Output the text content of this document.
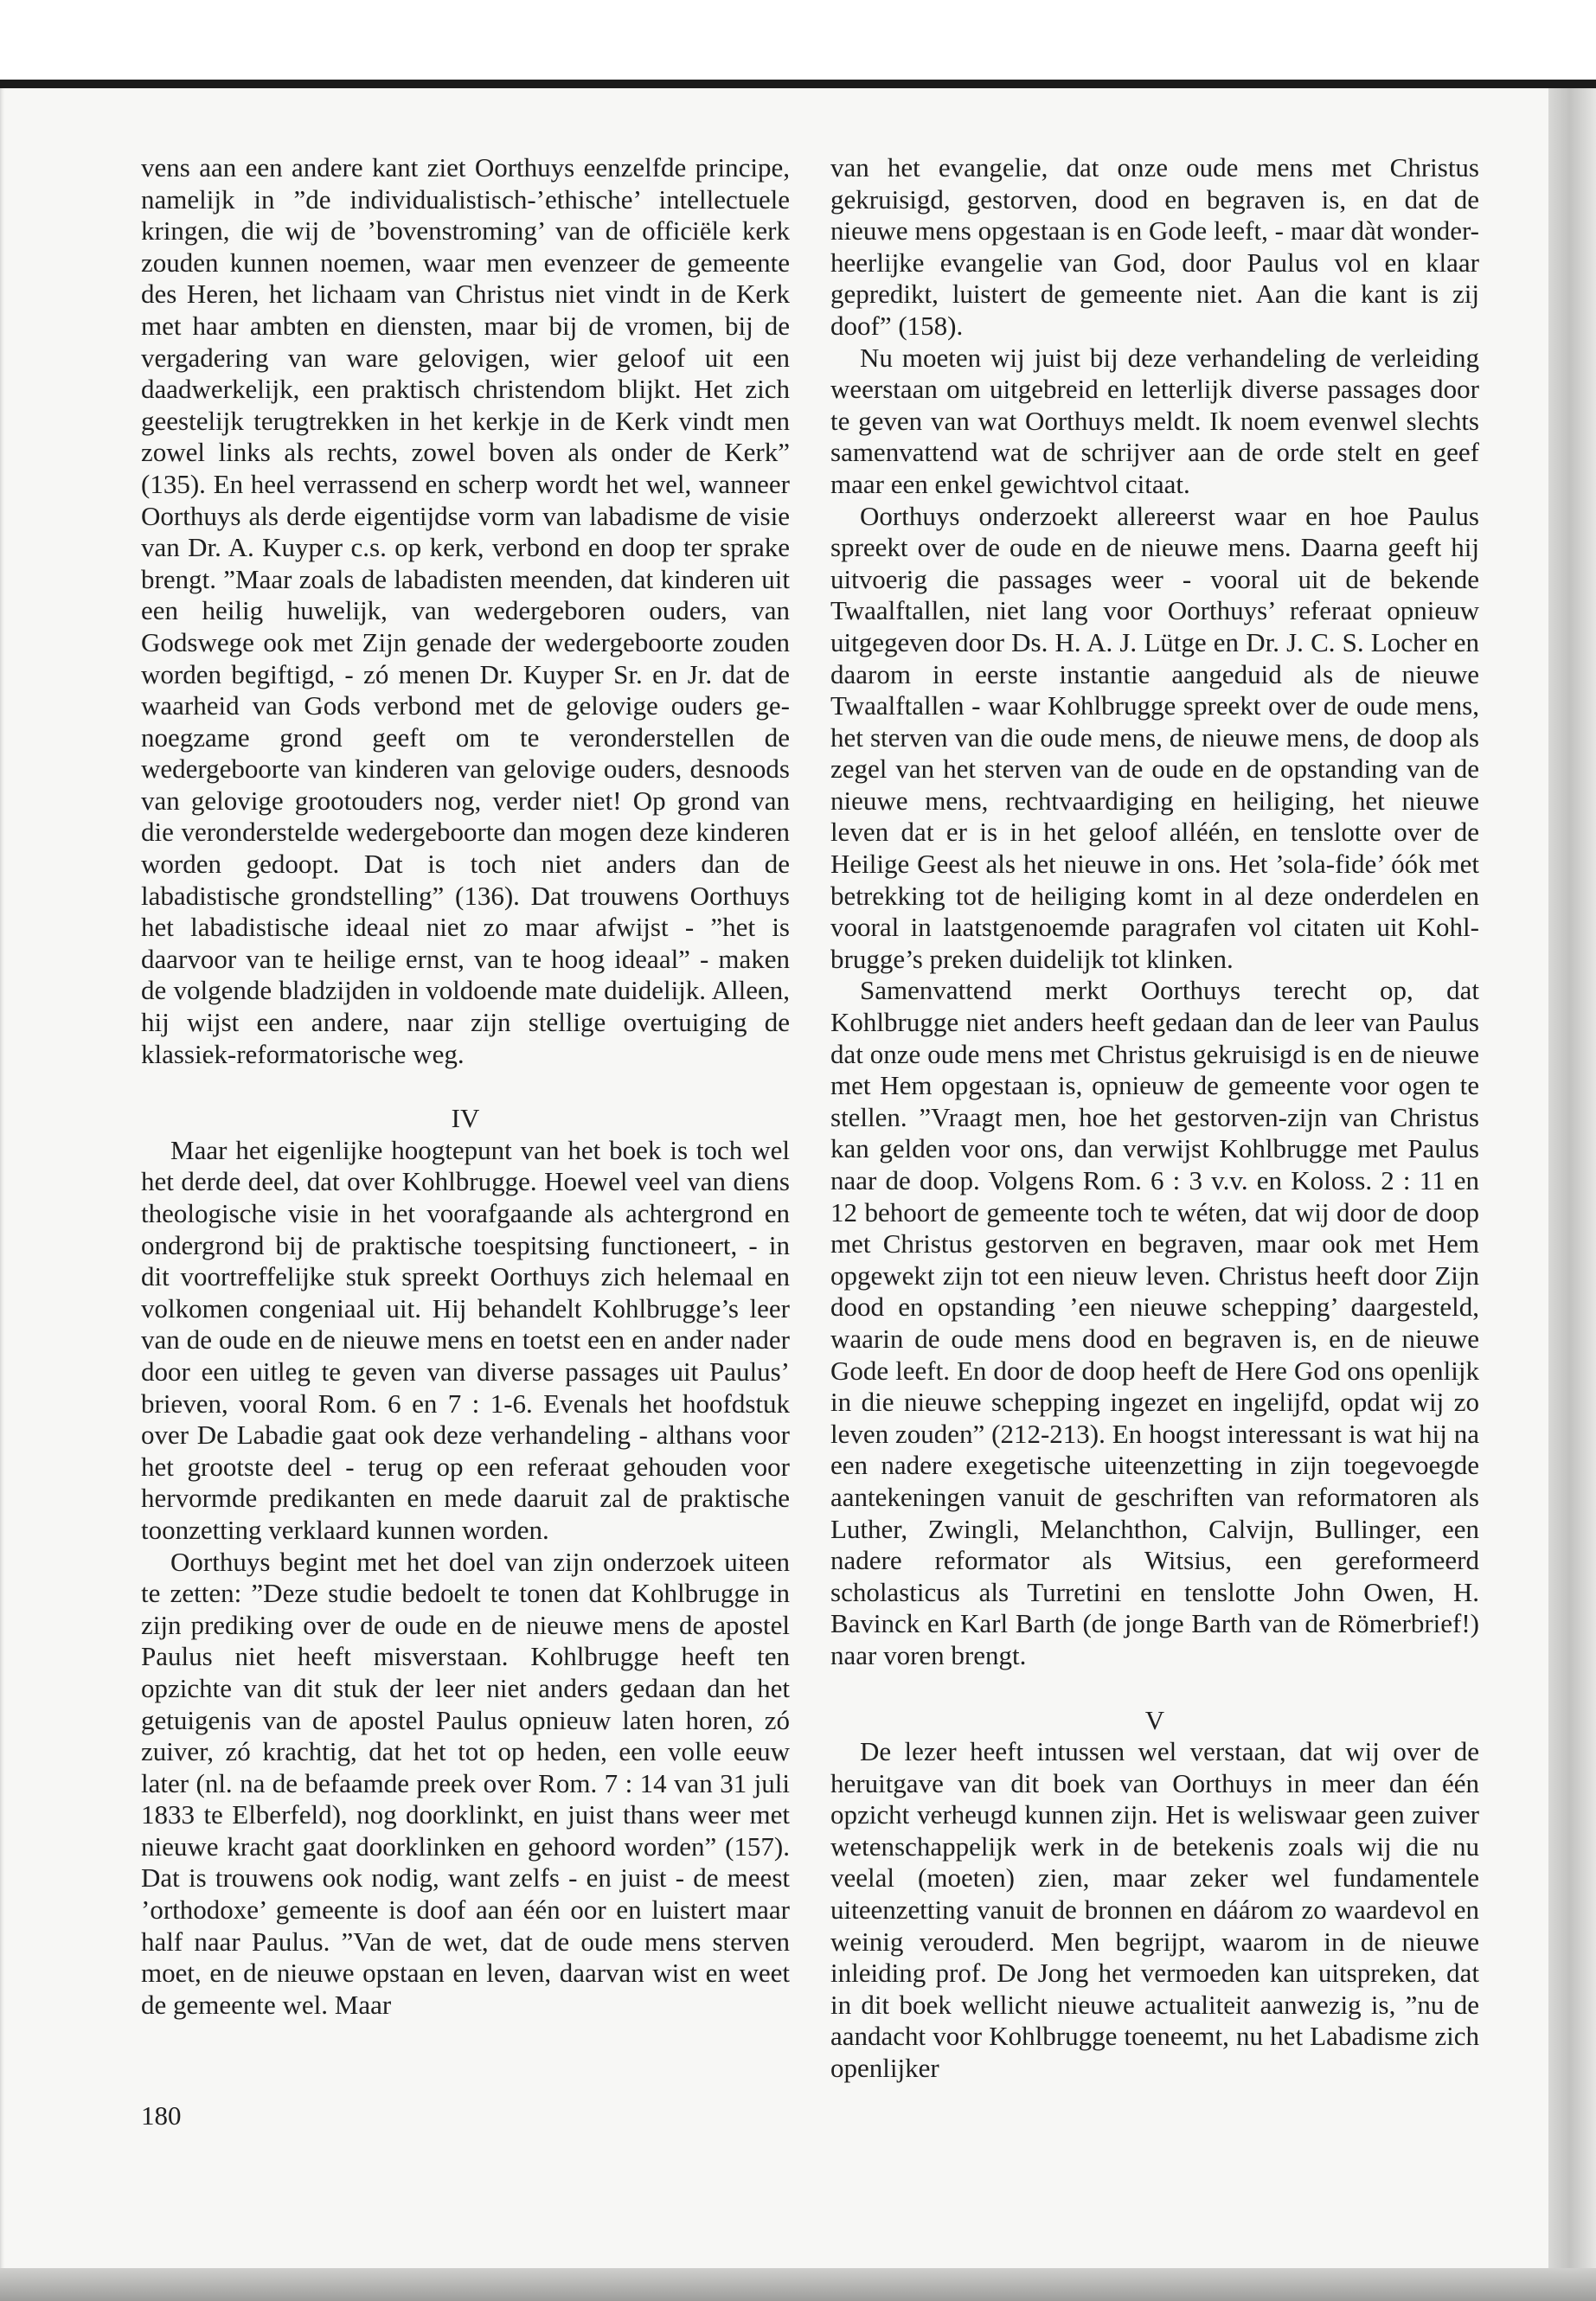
vens aan een andere kant ziet Oorthuys eenzelfde principe, namelijk in ”de individualistisch-’ethische’ intellectuele kringen, die wij de ’bovenstroming’ van de officiële kerk zouden kunnen noemen, waar men evenzeer de gemeente des Heren, het lichaam van Christus niet vindt in de Kerk met haar ambten en diensten, maar bij de vromen, bij de vergadering van ware gelovigen, wier geloof uit een daadwerkelijk, een praktisch christendom blijkt. Het zich geestelijk terugtrekken in het kerkje in de Kerk vindt men zowel links als rechts, zowel boven als onder de Kerk” (135). En heel verrassend en scherp wordt het wel, wanneer Oorthuys als derde eigentijdse vorm van labadisme de visie van Dr. A. Kuyper c.s. op kerk, verbond en doop ter sprake brengt. ”Maar zoals de labadisten meenden, dat kinderen uit een heilig huwelijk, van wedergeboren ouders, van Godswege ook met Zijn genade der wedergeboorte zouden worden begiftigd, - zó menen Dr. Kuyper Sr. en Jr. dat de waarheid van Gods verbond met de gelovige ouders genoegzame grond geeft om te veronderstellen de wedergeboorte van kinderen van gelovige ouders, desnoods van gelovige grootouders nog, verder niet! Op grond van die veronderstelde wedergeboorte dan mogen deze kinderen worden gedoopt. Dat is toch niet anders dan de labadistische grondstelling” (136). Dat trouwens Oorthuys het labadistische ideaal niet zo maar afwijst - ”het is daarvoor van te heilige ernst, van te hoog ideaal” - maken de volgende bladzijden in voldoende mate duidelijk. Alleen, hij wijst een andere, naar zijn stellige overtuiging de klassiek-reformatorische weg.

IV

Maar het eigenlijke hoogtepunt van het boek is toch wel het derde deel, dat over Kohlbrugge. Hoewel veel van diens theologische visie in het voorafgaande als achtergrond en ondergrond bij de praktische toespitsing functioneert, - in dit voortreffelijke stuk spreekt Oorthuys zich helemaal en volkomen congeniaal uit. Hij behandelt Kohlbrugge’s leer van de oude en de nieuwe mens en toetst een en ander nader door een uitleg te geven van diverse passages uit Paulus’ brieven, vooral Rom. 6 en 7 : 1-6. Evenals het hoofdstuk over De Labadie gaat ook deze verhandeling - althans voor het grootste deel - terug op een referaat gehouden voor hervormde predikanten en mede daaruit zal de praktische toonzetting verklaard kunnen worden.

Oorthuys begint met het doel van zijn onderzoek uiteen te zetten: ”Deze studie bedoelt te tonen dat Kohlbrugge in zijn prediking over de oude en de nieuwe mens de apostel Paulus niet heeft misverstaan. Kohlbrugge heeft ten opzichte van dit stuk der leer niet anders gedaan dan het getuigenis van de apostel Paulus opnieuw laten horen, zó zuiver, zó krachtig, dat het tot op heden, een volle eeuw later (nl. na de befaamde preek over Rom. 7 : 14 van 31 juli 1833 te Elberfeld), nog doorklinkt, en juist thans weer met nieuwe kracht gaat doorklinken en gehoord worden” (157). Dat is trouwens ook nodig, want zelfs - en juist - de meest ’orthodoxe’ gemeente is doof aan één oor en luistert maar half naar Paulus. ”Van de wet, dat de oude mens sterven moet, en de nieuwe opstaan en leven, daarvan wist en weet de gemeente wel. Maar

van het evangelie, dat onze oude mens met Christus gekruisigd, gestorven, dood en begraven is, en dat de nieuwe mens opgestaan is en Gode leeft, - maar dàt wonder-heerlijke evangelie van God, door Paulus vol en klaar gepredikt, luistert de gemeente niet. Aan die kant is zij doof” (158).

Nu moeten wij juist bij deze verhandeling de verleiding weerstaan om uitgebreid en letterlijk diverse passages door te geven van wat Oorthuys meldt. Ik noem evenwel slechts samenvattend wat de schrijver aan de orde stelt en geef maar een enkel gewichtvol citaat.

Oorthuys onderzoekt allereerst waar en hoe Paulus spreekt over de oude en de nieuwe mens. Daarna geeft hij uitvoerig die passages weer - vooral uit de bekende Twaalftallen, niet lang voor Oorthuys’ referaat opnieuw uitgegeven door Ds. H. A. J. Lütge en Dr. J. C. S. Locher en daarom in eerste instantie aangeduid als de nieuwe Twaalftallen - waar Kohlbrugge spreekt over de oude mens, het sterven van die oude mens, de nieuwe mens, de doop als zegel van het sterven van de oude en de opstanding van de nieuwe mens, rechtvaardiging en heiliging, het nieuwe leven dat er is in het geloof alléén, en tenslotte over de Heilige Geest als het nieuwe in ons. Het ’sola-fide’ óók met betrekking tot de heiliging komt in al deze onderdelen en vooral in laatstgenoemde paragrafen vol citaten uit Kohlbrugge’s preken duidelijk tot klinken.

Samenvattend merkt Oorthuys terecht op, dat Kohlbrugge niet anders heeft gedaan dan de leer van Paulus dat onze oude mens met Christus gekruisigd is en de nieuwe met Hem opgestaan is, opnieuw de gemeente voor ogen te stellen. ”Vraagt men, hoe het gestorven-zijn van Christus kan gelden voor ons, dan verwijst Kohlbrugge met Paulus naar de doop. Volgens Rom. 6 : 3 v.v. en Koloss. 2 : 11 en 12 behoort de gemeente toch te wéten, dat wij door de doop met Christus gestorven en begraven, maar ook met Hem opgewekt zijn tot een nieuw leven. Christus heeft door Zijn dood en opstanding ’een nieuwe schepping’ daargesteld, waarin de oude mens dood en begraven is, en de nieuwe Gode leeft. En door de doop heeft de Here God ons openlijk in die nieuwe schepping ingezet en ingelijfd, opdat wij zo leven zouden” (212-213). En hoogst interessant is wat hij na een nadere exegetische uiteenzetting in zijn toegevoegde aantekeningen vanuit de geschriften van reformatoren als Luther, Zwingli, Melanchthon, Calvijn, Bullinger, een nadere reformator als Witsius, een gereformeerd scholasticus als Turretini en tenslotte John Owen, H. Bavinck en Karl Barth (de jonge Barth van de Römerbrief!) naar voren brengt.

V

De lezer heeft intussen wel verstaan, dat wij over de heruitgave van dit boek van Oorthuys in meer dan één opzicht verheugd kunnen zijn. Het is weliswaar geen zuiver wetenschappelijk werk in de betekenis zoals wij die nu veelal (moeten) zien, maar zeker wel fundamentele uiteenzetting vanuit de bronnen en dáárom zo waardevol en weinig verouderd. Men begrijpt, waarom in de nieuwe inleiding prof. De Jong het vermoeden kan uitspreken, dat in dit boek wellicht nieuwe actualiteit aanwezig is, ”nu de aandacht voor Kohlbrugge toeneemt, nu het Labadisme zich openlijker

180
